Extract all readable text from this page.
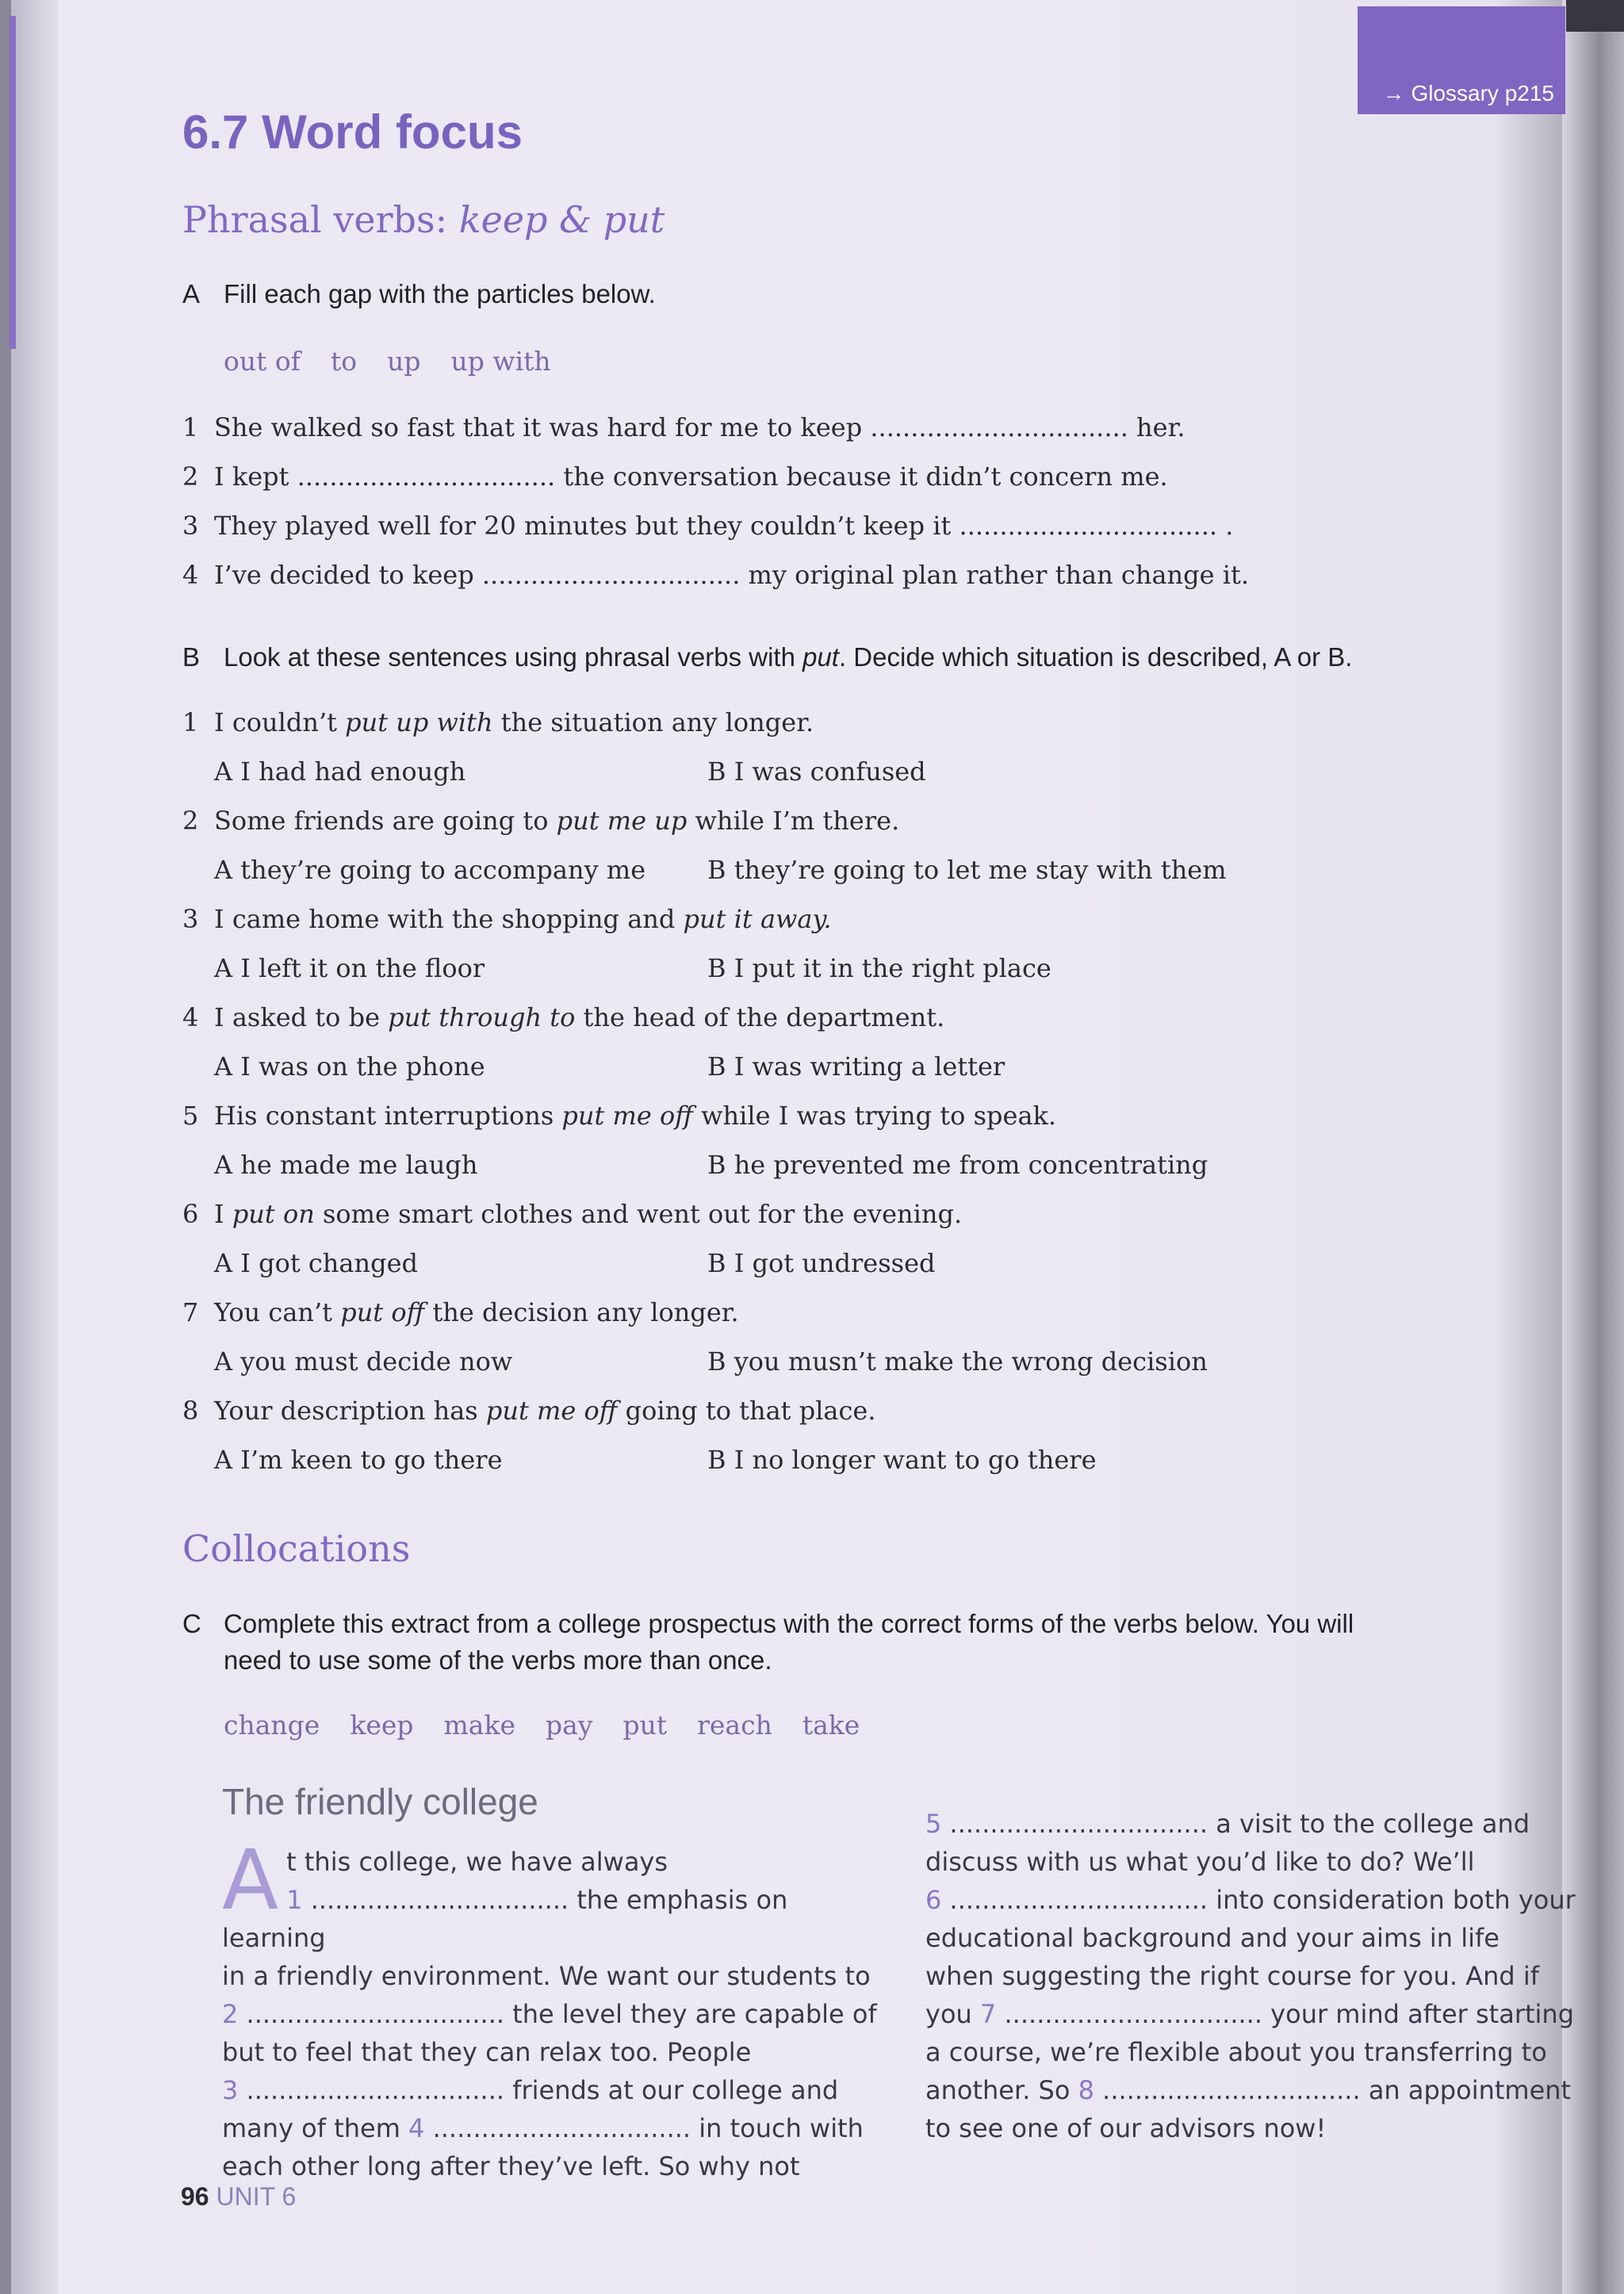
→ Glossary p215
6.7 Word focus
Phrasal verbs: keep & put

A Fill each gap with the particles below.

out of to up up with
1 She walked so fast that it was hard for me to keep ................................ her.
2 I kept ................................ the conversation because it didn’t concern me.
3 They played well for 20 minutes but they couldn’t keep it ................................ .
4 I’ve decided to keep ................................ my original plan rather than change it.

B Look at these sentences using phrasal verbs with put. Decide which situation is described, A or B.

1 I couldn’t put up with the situation any longer.
A I had had enough	B I was confused
2 Some friends are going to put me up while I’m there.
A they’re going to accompany me B they’re going to let me stay with them
3 I came home with the shopping and put it away.
A I left it on the floor	B I put it in the right place
4 I asked to be put through to the head of the department.
A I was on the phone	B I was writing a letter
5 His constant interruptions put me off while I was trying to speak.
A he made me laugh	B he prevented me from concentrating
6 I put on some smart clothes and went out for the evening.
A I got changed	B I got undressed
7 You can’t put off the decision any longer.
A you must decide now	B you musn’t make the wrong decision
8 Your description has put me off going to that place.
A I’m keen to go there	B I no longer want to go there
Collocations

C Complete this extract from a college prospectus with the correct forms of the verbs below. You will
need to use some of the verbs more than once.

change keep make pay put reach take
The friendly college
A t this college, we have always
1 ................................ the emphasis on learning
in a friendly environment. We want our students to
2 ................................ the level they are capable of
but to feel that they can relax too. People
3 ................................ friends at our college and
many of them 4 ................................ in touch with
each other long after they’ve left. So why not
5 ................................ a visit to the college and
discuss with us what you’d like to do? We’ll
6 ................................ into consideration both your
educational background and your aims in life
when suggesting the right course for you. And if
you 7 ................................ your mind after starting
a course, we’re flexible about you transferring to
another. So 8 ................................ an appointment
to see one of our advisors now!
96 UNIT 6
